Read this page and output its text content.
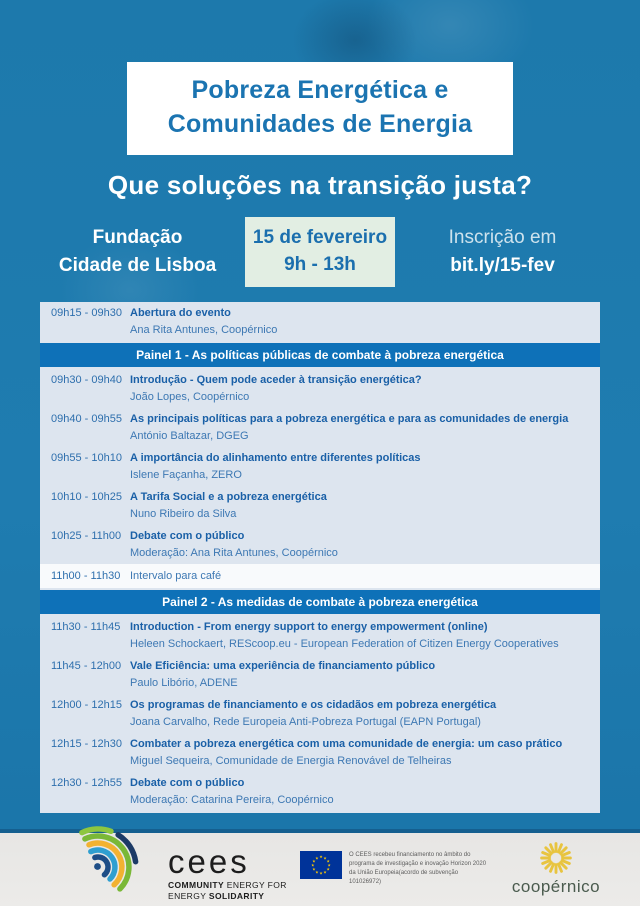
Pobreza Energética e
Comunidades de Energia
Que soluções na transição justa?
Fundação
Cidade de Lisboa
15 de fevereiro
9h - 13h
Inscrição em
bit.ly/15-fev
09h15 - 09h30 Abertura do evento
Ana Rita Antunes, Coopérnico
Painel 1 - As políticas públicas de combate à pobreza energética
09h30 - 09h40 Introdução - Quem pode aceder à transição energética?
João Lopes, Coopérnico
09h40 - 09h55 As principais políticas para a pobreza energética e para as comunidades de energia
António Baltazar, DGEG
09h55 - 10h10 A importância do alinhamento entre diferentes políticas
Islene Façanha, ZERO
10h10 - 10h25 A Tarifa Social e a pobreza energética
Nuno Ribeiro da Silva
10h25 - 11h00 Debate com o público
Moderação: Ana Rita Antunes, Coopérnico
11h00 - 11h30 Intervalo para café
Painel 2 - As medidas de combate à pobreza energética
11h30 - 11h45 Introduction - From energy support to energy empowerment (online)
Heleen Schockaert, REScoop.eu - European Federation of Citizen Energy Cooperatives
11h45 - 12h00 Vale Eficiência: uma experiência de financiamento público
Paulo Libório, ADENE
12h00 - 12h15 Os programas de financiamento e os cidadãos em pobreza energética
Joana Carvalho, Rede Europeia Anti-Pobreza Portugal (EAPN Portugal)
12h15 - 12h30 Combater a pobreza energética com uma comunidade de energia: um caso prático
Miguel Sequeira, Comunidade de Energia Renovável de Telheiras
12h30 - 12h55 Debate com o público
Moderação: Catarina Pereira, Coopérnico
cees
COMMUNITY ENERGY FOR
ENERGY SOLIDARITY
★ ★
★
★
★
★
★
★
★
★
★
★	O CEES recebeu financiamento no âmbito do programa de investigação e inovação Horizon 2020 da União Europeia(acordo de subvenção 101026972)	coopérnico
